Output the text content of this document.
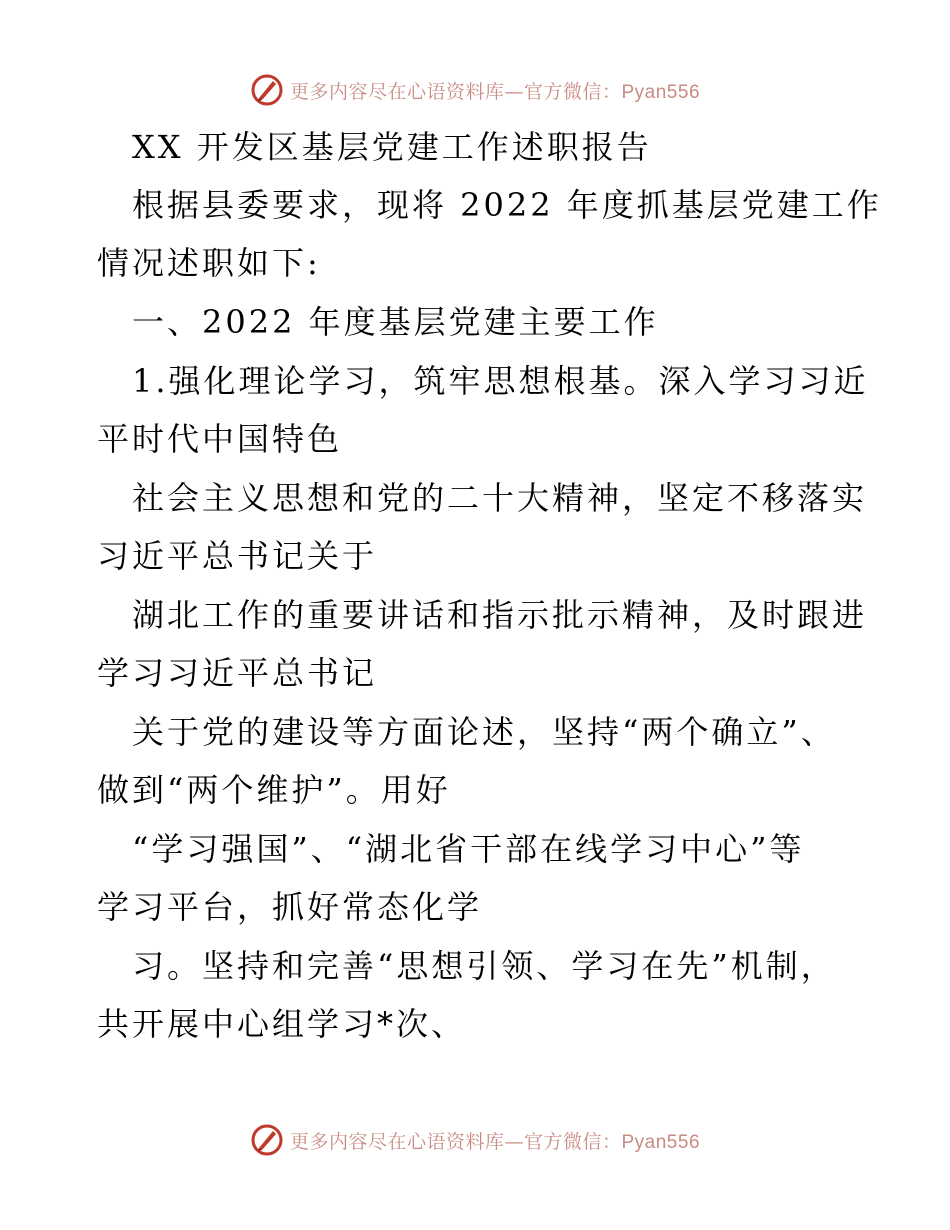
更多内容尽在心语资料库—官方微信：Pyan556
　XX 开发区基层党建工作述职报告
　根据县委要求，现将 2022 年度抓基层党建工作
情况述职如下:
　一、2022 年度基层党建主要工作
　1.强化理论学习，筑牢思想根基。深入学习习近
平时代中国特色
　社会主义思想和党的二十大精神，坚定不移落实
习近平总书记关于
　湖北工作的重要讲话和指示批示精神，及时跟进
学习习近平总书记
　关于党的建设等方面论述，坚持“两个确立”、
做到“两个维护”。用好
　“学习强国”、“湖北省干部在线学习中心”等
学习平台，抓好常态化学
　习。坚持和完善“思想引领、学习在先”机制，
共开展中心组学习*次、
更多内容尽在心语资料库—官方微信：Pyan556
